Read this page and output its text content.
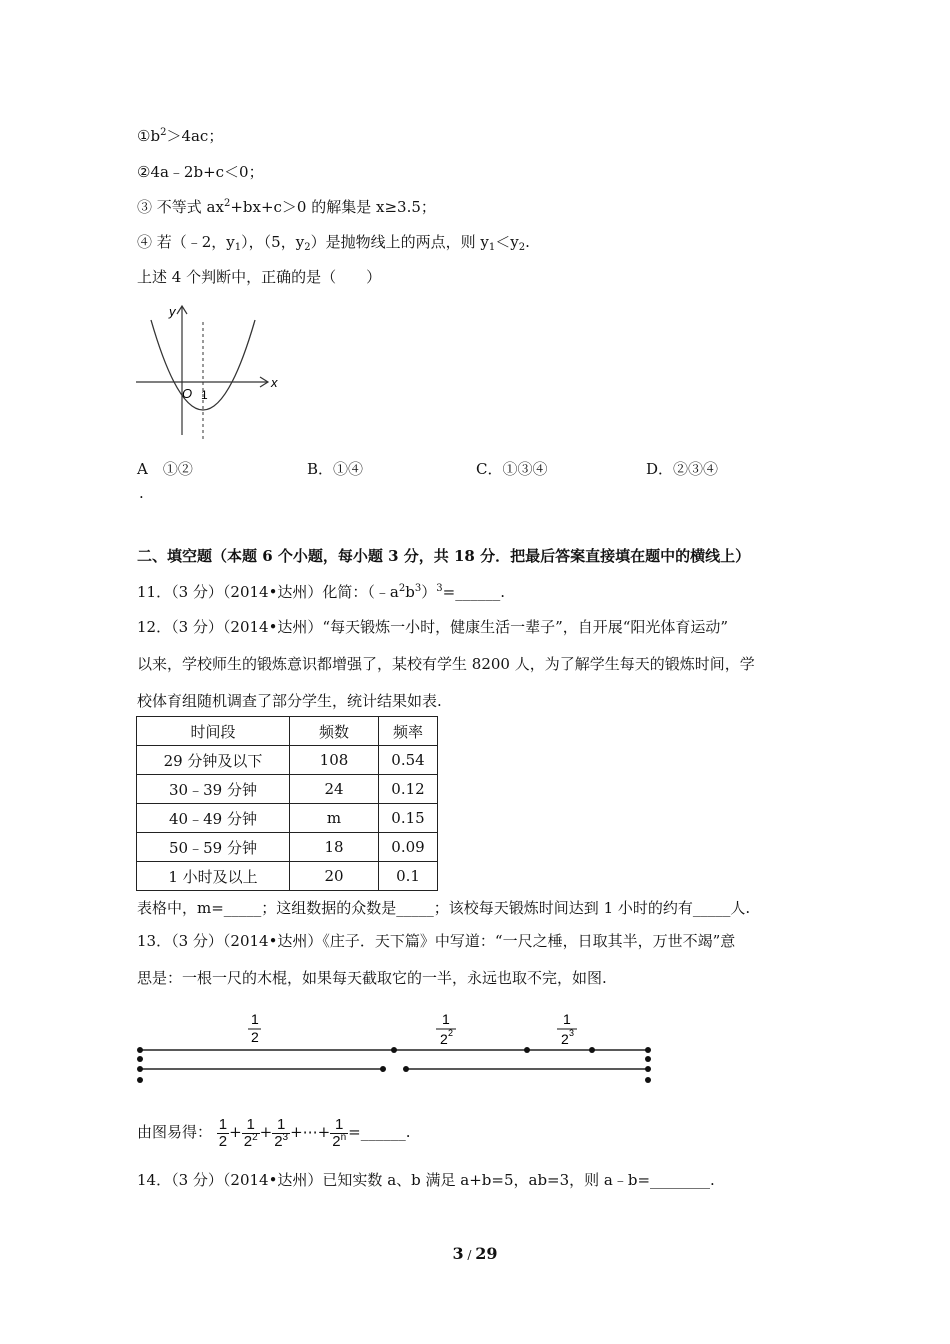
$①b^2>4ac$；
②4a﹣2b+c＜0；
③ 不等式 $ax^2+bx+c>0$ 的解集是 x≥3.5；
④ 若（﹣2，$y_1$），（5，$y_2$）是抛物线上的两点，则 $y_1<y_2$.
上述 4 个判断中，正确的是（　　）
y
x
O 1
A　①②
.
B．①④	C．①③④	D．②③④
二、填空题（本题 6 个小题，每小题 3 分，共 18 分．把最后答案直接填在题中的横线上）
11．（3 分）（2014•达州）化简：$(﹣a^2b^3)^3=\_\_\_\_\_\_$.
12．（3 分）（2014•达州）“每天锻炼一小时，健康生活一辈子”，自开展“阳光体育运动”
以来，学校师生的锻炼意识都增强了，某校有学生 8200 人，为了解学生每天的锻炼时间，学
校体育组随机调查了部分学生，统计结果如表.
时间段	频数	频率
29 分钟及以下	108	0.54
30﹣39 分钟	24	0.12
40﹣49 分钟	m	0.15
50﹣59 分钟	18	0.09
1 小时及以上	20	0.1
表格中，m=_____；这组数据的众数是_____；该校每天锻炼时间达到 1 小时的约有_____人.
13．（3 分）（2014•达州）《庄子．天下篇》中写道：“一尺之棰，日取其半，万世不竭”意
思是：一根一尺的木棍，如果每天截取它的一半，永远也取不完，如图.
1
2
1
2 2
1
2 3
由图易得： $\frac{1}{2} + \frac{1}{2^2} + \frac{1}{2^3}$ +⋯+ $\frac{1}{2^n}$ =______.
14．（3 分）（2014•达州）已知实数 a、b 满足 a+b=5，ab=3，则 a﹣b=________.
3 / 29
